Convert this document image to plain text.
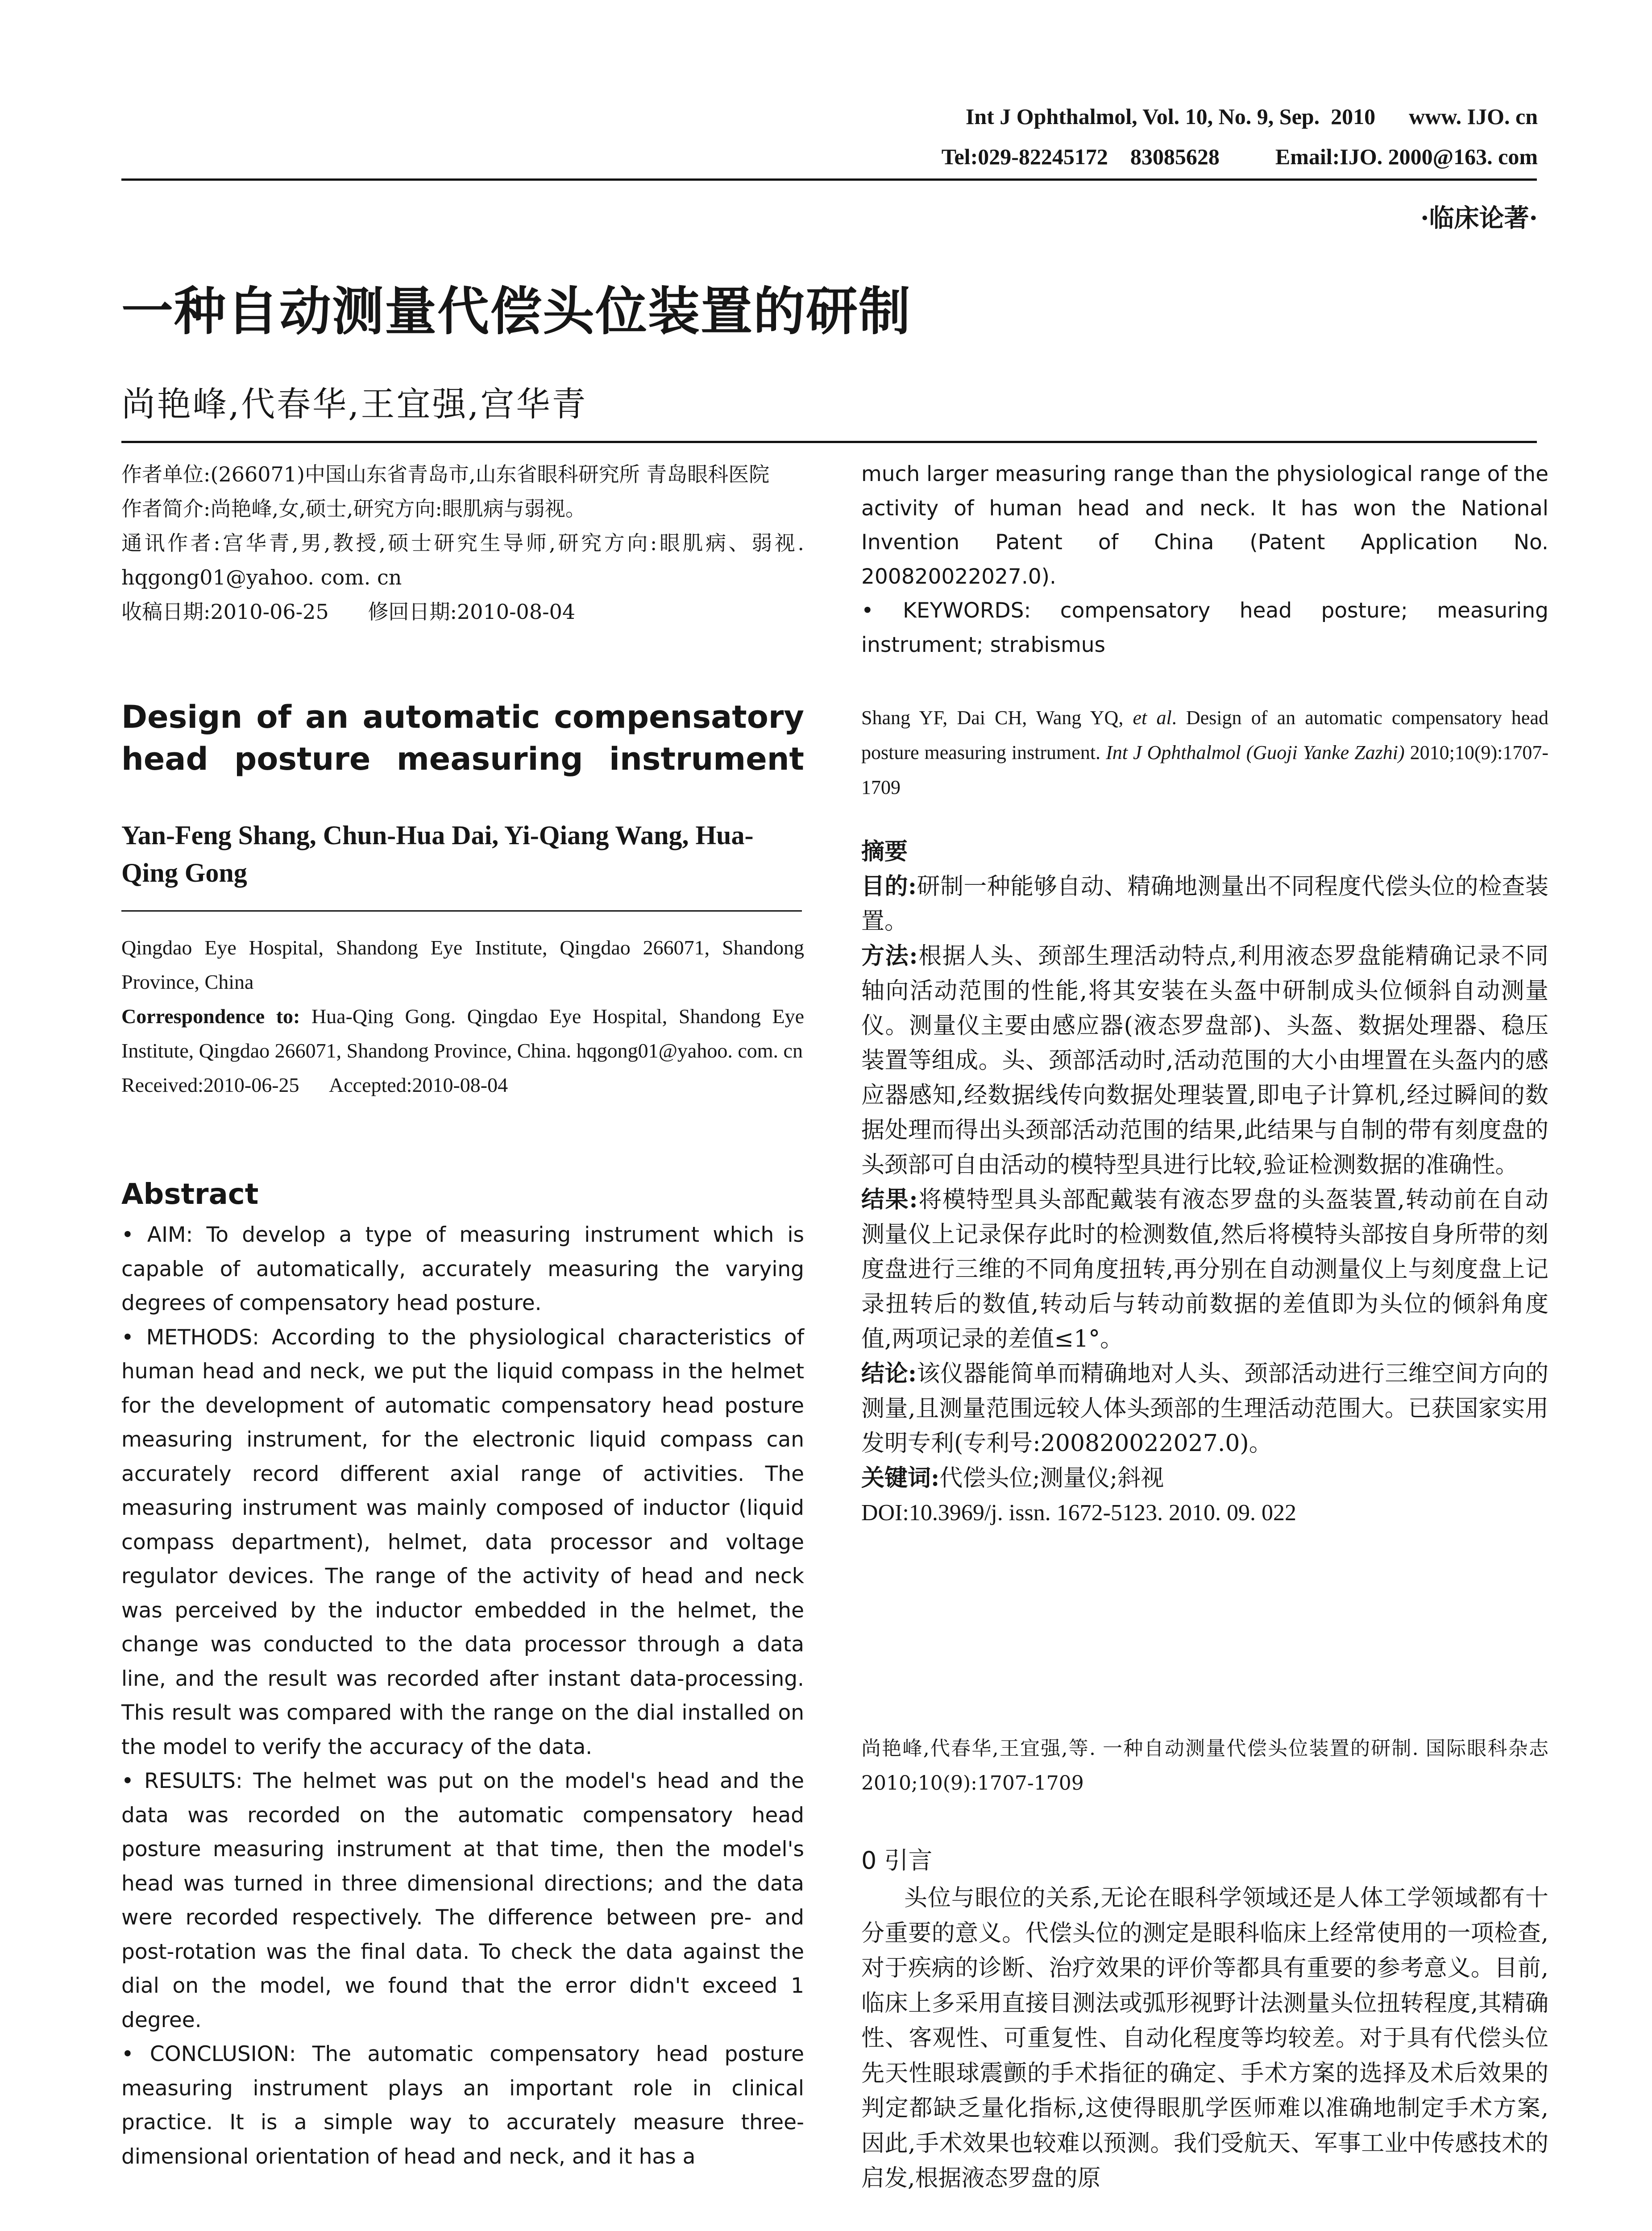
Int J Ophthalmol, Vol. 10, No. 9, Sep.  2010      www. IJO. cn
Tel:029-82245172    83085628          Email:IJO. 2000@163. com
·临床论著·
一种自动测量代偿头位装置的研制
尚艳峰,代春华,王宜强,宫华青

作者单位:(266071)中国山东省青岛市,山东省眼科研究所 青岛眼科医院

作者简介:尚艳峰,女,硕士,研究方向:眼肌病与弱视。

通讯作者:宫华青,男,教授,硕士研究生导师,研究方向:眼肌病、弱视. hqgong01@yahoo. com. cn

收稿日期:2010-06-25      修回日期:2010-08-04

Design of an automatic compensatory head posture measuring instrument
Yan-Feng Shang, Chun-Hua Dai, Yi-Qiang Wang, Hua-Qing Gong

Qingdao Eye Hospital, Shandong Eye Institute, Qingdao 266071, Shandong Province, China

Correspondence to: Hua-Qing Gong. Qingdao Eye Hospital, Shandong Eye Institute, Qingdao 266071, Shandong Province, China. hqgong01@yahoo. com. cn

Received:2010-06-25      Accepted:2010-08-04

Abstract

• AIM: To develop a type of measuring instrument which is capable of automatically, accurately measuring the varying degrees of compensatory head posture.

• METHODS: According to the physiological characteristics of human head and neck, we put the liquid compass in the helmet for the development of automatic compensatory head posture measuring instrument, for the electronic liquid compass can accurately record different axial range of activities. The measuring instrument was mainly composed of inductor (liquid compass department), helmet, data processor and voltage regulator devices. The range of the activity of head and neck was perceived by the inductor embedded in the helmet, the change was conducted to the data processor through a data line, and the result was recorded after instant data-processing. This result was compared with the range on the dial installed on the model to verify the accuracy of the data.

• RESULTS: The helmet was put on the model's head and the data was recorded on the automatic compensatory head posture measuring instrument at that time, then the model's head was turned in three dimensional directions; and the data were recorded respectively. The difference between pre- and post-rotation was the final data. To check the data against the dial on the model, we found that the error didn't exceed 1 degree.

• CONCLUSION: The automatic compensatory head posture measuring instrument plays an important role in clinical practice. It is a simple way to accurately measure three-dimensional orientation of head and neck, and it has a

much larger measuring range than the physiological range of the activity of human head and neck. It has won the National Invention Patent of China (Patent Application No. 200820022027.0).

• KEYWORDS: compensatory head posture; measuring instrument; strabismus

Shang YF, Dai CH, Wang YQ, et al. Design of an automatic compensatory head posture measuring instrument. Int J Ophthalmol (Guoji Yanke Zazhi) 2010;10(9):1707-1709

摘要

目的:研制一种能够自动、精确地测量出不同程度代偿头位的检查装置。

方法:根据人头、颈部生理活动特点,利用液态罗盘能精确记录不同轴向活动范围的性能,将其安装在头盔中研制成头位倾斜自动测量仪。测量仪主要由感应器(液态罗盘部)、头盔、数据处理器、稳压装置等组成。头、颈部活动时,活动范围的大小由埋置在头盔内的感应器感知,经数据线传向数据处理装置,即电子计算机,经过瞬间的数据处理而得出头颈部活动范围的结果,此结果与自制的带有刻度盘的头颈部可自由活动的模特型具进行比较,验证检测数据的准确性。

结果:将模特型具头部配戴装有液态罗盘的头盔装置,转动前在自动测量仪上记录保存此时的检测数值,然后将模特头部按自身所带的刻度盘进行三维的不同角度扭转,再分别在自动测量仪上与刻度盘上记录扭转后的数值,转动后与转动前数据的差值即为头位的倾斜角度值,两项记录的差值≤1°。

结论:该仪器能简单而精确地对人头、颈部活动进行三维空间方向的测量,且测量范围远较人体头颈部的生理活动范围大。已获国家实用发明专利(专利号:200820022027.0)。

关键词:代偿头位;测量仪;斜视

DOI:10.3969/j. issn. 1672-5123. 2010. 09. 022

尚艳峰,代春华,王宜强,等. 一种自动测量代偿头位装置的研制. 国际眼科杂志 2010;10(9):1707-1709
0 引言
头位与眼位的关系,无论在眼科学领域还是人体工学领域都有十分重要的意义。代偿头位的测定是眼科临床上经常使用的一项检查,对于疾病的诊断、治疗效果的评价等都具有重要的参考意义。目前,临床上多采用直接目测法或弧形视野计法测量头位扭转程度,其精确性、客观性、可重复性、自动化程度等均较差。对于具有代偿头位先天性眼球震颤的手术指征的确定、手术方案的选择及术后效果的判定都缺乏量化指标,这使得眼肌学医师难以准确地制定手术方案,因此,手术效果也较难以预测。我们受航天、军事工业中传感技术的启发,根据液态罗盘的原
